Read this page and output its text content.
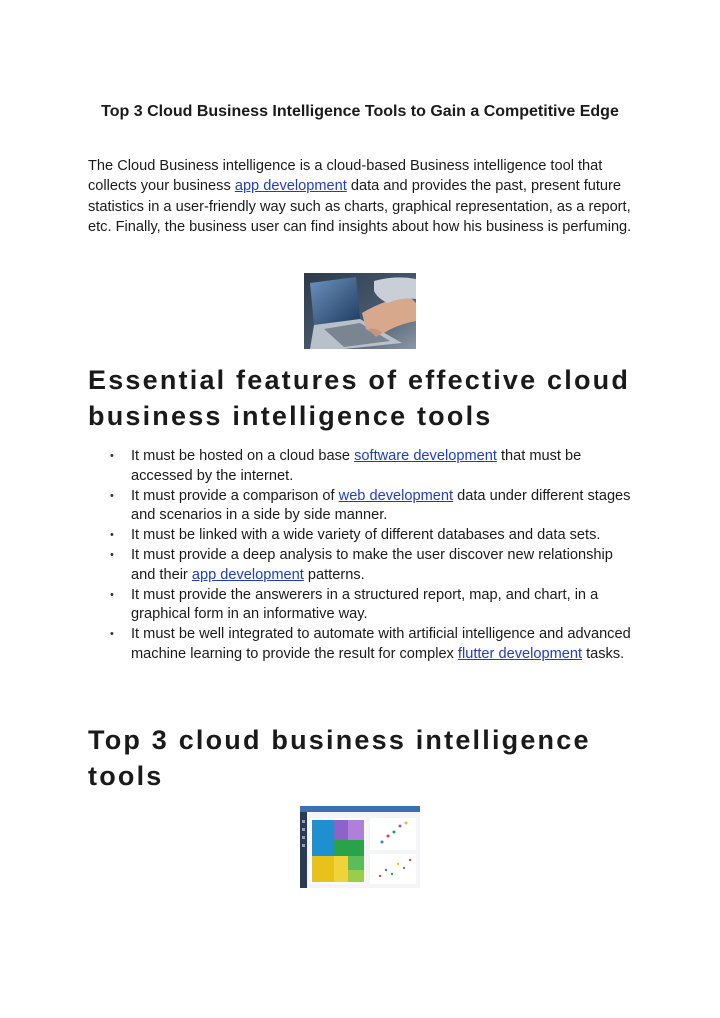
Top 3 Cloud Business Intelligence Tools to Gain a Competitive Edge

The Cloud Business intelligence is a cloud-based Business intelligence tool that collects your business app development data and provides the past, present future statistics in a user-friendly way such as charts, graphical representation, as a report, etc. Finally, the business user can find insights about how his business is perfuming.

Essential features of effective cloud business intelligence tools
• It must be hosted on a cloud base software development that must be accessed by the internet.
• It must provide a comparison of web development data under different stages and scenarios in a side by side manner.
• It must be linked with a wide variety of different databases and data sets.
• It must provide a deep analysis to make the user discover new relationship and their app development patterns.
• It must provide the answerers in a structured report, map, and chart, in a graphical form in an informative way.
• It must be well integrated to automate with artificial intelligence and advanced machine learning to provide the result for complex flutter development tasks.
Top 3 cloud business intelligence tools
